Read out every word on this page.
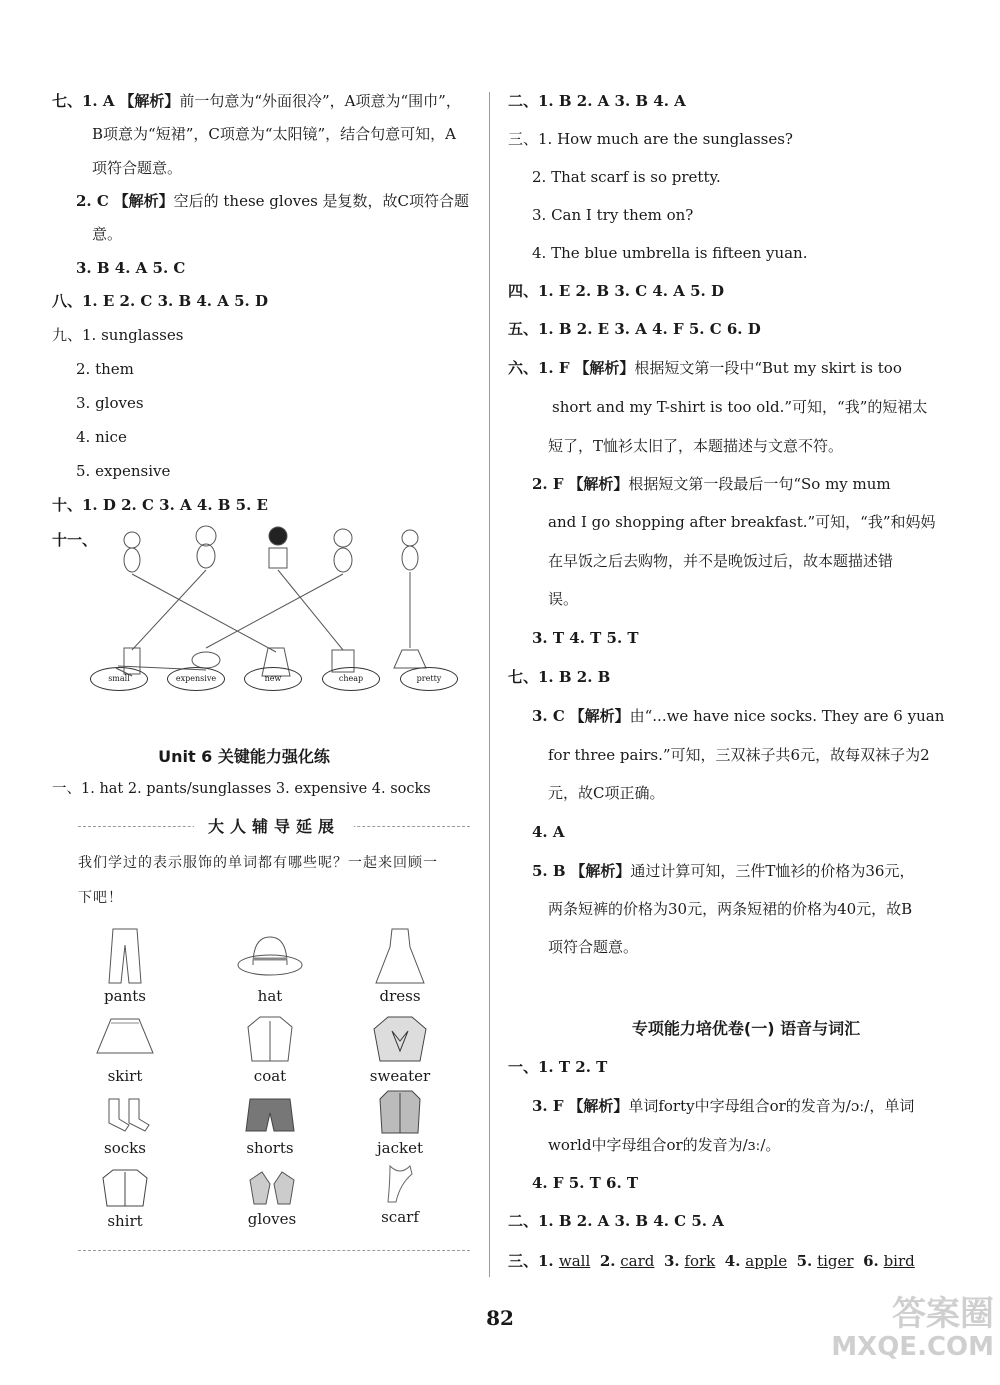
七、1. A 【解析】前一句意为“外面很冷”，A项意为“围巾”，
B项意为“短裙”，C项意为“太阳镜”，结合句意可知，A
项符合题意。
2. C 【解析】空后的 these gloves 是复数，故C项符合题
意。
3. B 4. A 5. C
八、1. E 2. C 3. B 4. A 5. D
九、1. sunglasses
2. them
3. gloves
4. nice
5. expensive
十、1. D 2. C 3. A 4. B 5. E
十一、
small	expensive	new	cheap	pretty
Unit 6 关键能力强化练
一、1. hat 2. pants/sunglasses 3. expensive 4. socks
大人辅导延展
我们学过的表示服饰的单词都有哪些呢？一起来回顾一
下吧！
pants	hat	dress
skirt	coat	sweater
socks	shorts	jacket
shirt	gloves	scarf
二、1. B 2. A 3. B 4. A
三、1. How much are the sunglasses?
2. That scarf is so pretty.
3. Can I try them on?
4. The blue umbrella is fifteen yuan.
四、1. E 2. B 3. C 4. A 5. D
五、1. B 2. E 3. A 4. F 5. C 6. D
六、1. F 【解析】根据短文第一段中“But my skirt is too
short and my T-shirt is too old.”可知，“我”的短裙太
短了，T恤衫太旧了，本题描述与文意不符。
2. F 【解析】根据短文第一段最后一句“So my mum
and I go shopping after breakfast.”可知，“我”和妈妈
在早饭之后去购物，并不是晚饭过后，故本题描述错
误。
3. T 4. T 5. T
七、1. B 2. B
3. C 【解析】由“...we have nice socks. They are 6 yuan
for three pairs.”可知，三双袜子共6元，故每双袜子为2
元，故C项正确。
4. A
5. B 【解析】通过计算可知，三件T恤衫的价格为36元，
两条短裤的价格为30元，两条短裙的价格为40元，故B
项符合题意。
专项能力培优卷(一) 语音与词汇
一、1. T 2. T
3. F 【解析】单词forty中字母组合or的发音为/ɔː/，单词
world中字母组合or的发音为/ɜː/。
4. F 5. T 6. T
二、1. B 2. A 3. B 4. C 5. A
三、1. wall 2. card 3. fork 4. apple 5. tiger 6. bird
82	答案圈
MXQE.COM
